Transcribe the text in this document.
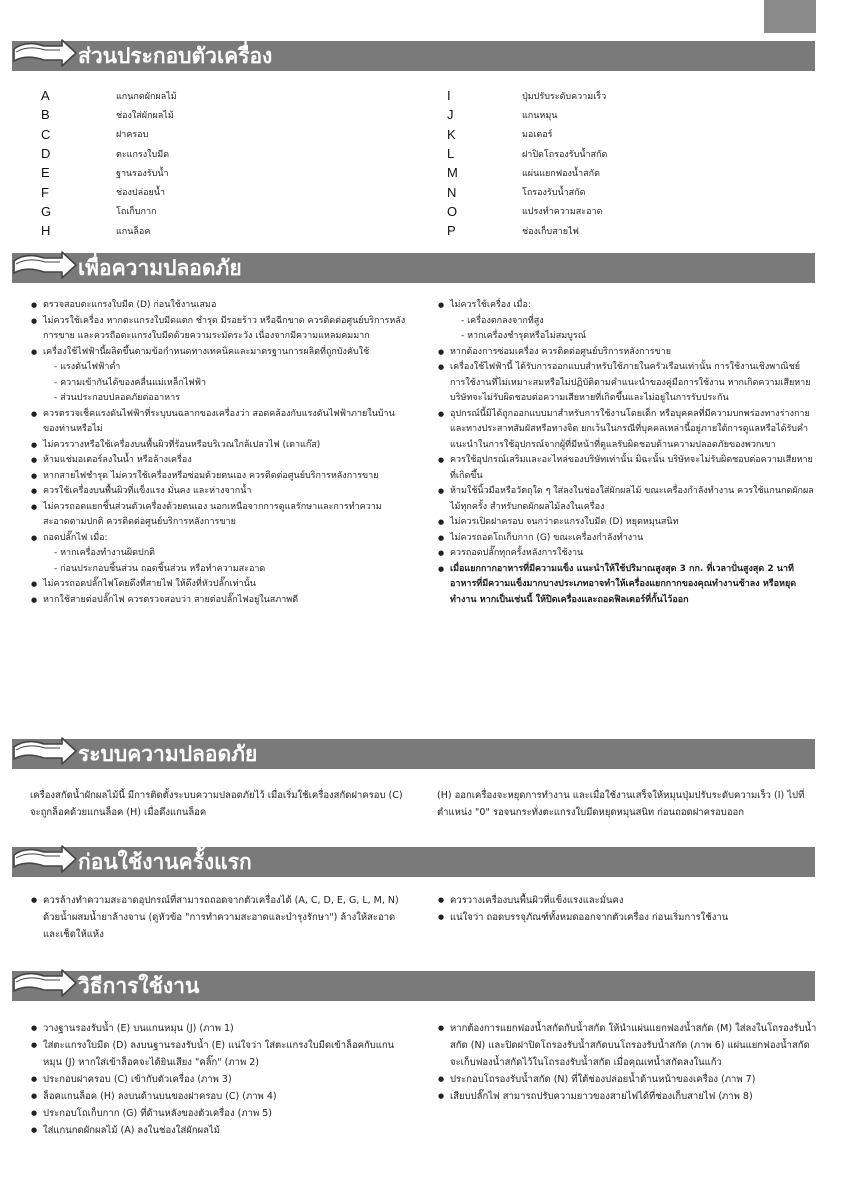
ส่วนประกอบตัวเครื่อง
A	แกนกดผักผลไม้
B	ช่องใส่ผักผลไม้
C	ฝาครอบ
D	ตะแกรงใบมีด
E	ฐานรองรับน้ำ
F	ช่องปล่อยน้ำ
G	โถเก็บกาก
H	แกนล็อค
I	ปุ่มปรับระดับความเร็ว
J	แกนหมุน
K	มอเตอร์
L	ฝาปิดโถรองรับน้ำสกัด
M	แผ่นแยกฟองน้ำสกัด
N	โถรองรับน้ำสกัด
O	แปรงทำความสะอาด
P	ช่องเก็บสายไฟ
เพื่อความปลอดภัย
● ตรวจสอบตะแกรงใบมีด (D) ก่อนใช้งานเสมอ
● ไม่ควรใช้เครื่อง หากตะแกรงใบมีดแตก ชำรุด มีรอยร้าว หรือฉีกขาด ควรติดต่อศูนย์บริการหลังการขาย และควรถือตะแกรงใบมีดด้วยความระมัดระวัง เนื่องจากมีความแหลมคมมาก
● เครื่องใช้ไฟฟ้านี้ผลิตขึ้นตามข้อกำหนดทางเทคนิคและมาตรฐานการผลิตที่ถูกบังคับใช้
- แรงดันไฟฟ้าต่ำ
- ความเข้ากันได้ของคลื่นแม่เหล็กไฟฟ้า
- ส่วนประกอบปลอดภัยต่ออาหาร
● ควรตรวจเช็คแรงดันไฟฟ้าที่ระบุบนฉลากของเครื่องว่า สอดคล้องกับแรงดันไฟฟ้าภายในบ้านของท่านหรือไม่
● ไม่ควรวางหรือใช้เครื่องบนพื้นผิวที่ร้อนหรือบริเวณใกล้เปลวไฟ (เตาแก๊ส)
● ห้ามแช่มอเตอร์ลงในน้ำ หรือล้างเครื่อง
● หากสายไฟชำรุด ไม่ควรใช้เครื่องหรือซ่อมด้วยตนเอง ควรติดต่อศูนย์บริการหลังการขาย
● ควรใช้เครื่องบนพื้นผิวที่แข็งแรง มั่นคง และห่างจากน้ำ
● ไม่ควรถอดแยกชิ้นส่วนตัวเครื่องด้วยตนเอง นอกเหนือจากการดูแลรักษาและการทำความสะอาดตามปกติ ควรติดต่อศูนย์บริการหลังการขาย
● ถอดปลั๊กไฟ เมื่อ:
- หากเครื่องทำงานผิดปกติ
- ก่อนประกอบชิ้นส่วน ถอดชิ้นส่วน หรือทำความสะอาด
● ไม่ควรถอดปลั๊กไฟโดยดึงที่สายไฟ ให้ดึงที่หัวปลั๊กเท่านั้น
● หากใช้สายต่อปลั๊กไฟ ควรตรวจสอบว่า สายต่อปลั๊กไฟอยู่ในสภาพดี
● ไม่ควรใช้เครื่อง เมื่อ:
- เครื่องตกลงจากที่สูง
- หากเครื่องชำรุดหรือไม่สมบูรณ์
● หากต้องการซ่อมเครื่อง ควรติดต่อศูนย์บริการหลังการขาย
● เครื่องใช้ไฟฟ้านี้ ได้รับการออกแบบสำหรับใช้ภายในครัวเรือนเท่านั้น การใช้งานเชิงพาณิชย์ การใช้งานที่ไม่เหมาะสมหรือไม่ปฏิบัติตามคำแนะนำของคู่มือการใช้งาน หากเกิดความเสียหายบริษัทจะไม่รับผิดชอบต่อความเสียหายที่เกิดขึ้นและไม่อยู่ในการรับประกัน
● อุปกรณ์นี้มิได้ถูกออกแบบมาสำหรับการใช้งานโดยเด็ก หรือบุคคลที่มีความบกพร่องทางร่างกายและทางประสาทสัมผัสหรือทางจิต ยกเว้นในกรณีที่บุคคลเหล่านี้อยู่ภายใต้การดูแลหรือได้รับคำแนะนำในการใช้อุปกรณ์จากผู้ที่มีหน้าที่ดูแลรับผิดชอบด้านความปลอดภัยของพวกเขา
● ควรใช้อุปกรณ์เสริมและอะไหล่ของบริษัทเท่านั้น มิฉะนั้น บริษัทจะไม่รับผิดชอบต่อความเสียหายที่เกิดขึ้น
● ห้ามใช้นิ้วมือหรือวัตถุใด ๆ ใส่ลงในช่องใส่ผักผลไม้ ขณะเครื่องกำลังทำงาน ควรใช้แกนกดผักผลไม้ทุกครั้ง สำหรับกดผักผลไม้ลงในเครื่อง
● ไม่ควรเปิดฝาครอบ จนกว่าตะแกรงใบมีด (D) หยุดหมุนสนิท
● ไม่ควรถอดโถเก็บกาก (G) ขณะเครื่องกำลังทำงาน
● ควรถอดปลั๊กทุกครั้งหลังการใช้งาน
● เมื่อแยกกากอาหารที่มีความแข็ง แนะนำให้ใช้ปริมาณสูงสุด 3 กก. ที่เวลาปั่นสูงสุด 2 นาที อาหารที่มีความแข็งมากบางประเภทอาจทำให้เครื่องแยกกากของคุณทำงานช้าลง หรือหยุดทำงาน หากเป็นเช่นนี้ ให้ปิดเครื่องและถอดฟิลเตอร์ที่กั้นไว้ออก
ระบบความปลอดภัย
เครื่องสกัดน้ำผักผลไม้นี้ มีการติดตั้งระบบความปลอดภัยไว้ เมื่อเริ่มใช้เครื่องสกัดฝาครอบ (C) จะถูกล็อคด้วยแกนล็อค (H) เมื่อดึงแกนล็อค
(H) ออกเครื่องจะหยุดการทำงาน และเมื่อใช้งานเสร็จให้หมุนปุ่มปรับระดับความเร็ว (I) ไปที่ตำแหน่ง "0" รอจนกระทั่งตะแกรงใบมีดหยุดหมุนสนิท ก่อนถอดฝาครอบออก
ก่อนใช้งานครั้งแรก
● ควรล้างทำความสะอาดอุปกรณ์ที่สามารถถอดจากตัวเครื่องได้ (A, C, D, E, G, L, M, N) ด้วยน้ำผสมน้ำยาล้างจาน (ดูหัวข้อ "การทำความสะอาดและบำรุงรักษา") ล้างให้สะอาด และเช็ดให้แห้ง
● ควรวางเครื่องบนพื้นผิวที่แข็งแรงและมั่นคง
● แน่ใจว่า ถอดบรรจุภัณฑ์ทั้งหมดออกจากตัวเครื่อง ก่อนเริ่มการใช้งาน
วิธีการใช้งาน
● วางฐานรองรับน้ำ (E) บนแกนหมุน (J) (ภาพ 1)
● ใส่ตะแกรงใบมีด (D) ลงบนฐานรองรับน้ำ (E) แน่ใจว่า ใส่ตะแกรงใบมีดเข้าล็อคกับแกนหมุน (J) หากใส่เข้าล็อคจะได้ยินเสียง "คลิ๊ก" (ภาพ 2)
● ประกอบฝาครอบ (C) เข้ากับตัวเครื่อง (ภาพ 3)
● ล็อคแกนล็อค (H) ลงบนด้านบนของฝาครอบ (C) (ภาพ 4)
● ประกอบโถเก็บกาก (G) ที่ด้านหลังของตัวเครื่อง (ภาพ 5)
● ใส่แกนกดผักผลไม้ (A) ลงในช่องใส่ผักผลไม้
● หากต้องการแยกฟองน้ำสกัดกับน้ำสกัด ให้นำแผ่นแยกฟองน้ำสกัด (M) ใส่ลงในโถรองรับน้ำสกัด (N) และปิดฝาปิดโถรองรับน้ำสกัดบนโถรองรับน้ำสกัด (ภาพ 6) แผ่นแยกฟองน้ำสกัดจะเก็บฟองน้ำสกัดไว้ในโถรองรับน้ำสกัด เมื่อคุณเทน้ำสกัดลงในแก้ว
● ประกอบโถรองรับน้ำสกัด (N) ที่ใต้ช่องปล่อยน้ำด้านหน้าของเครื่อง (ภาพ 7)
● เสียบปลั๊กไฟ สามารถปรับความยาวของสายไฟได้ที่ช่องเก็บสายไฟ (ภาพ 8)
